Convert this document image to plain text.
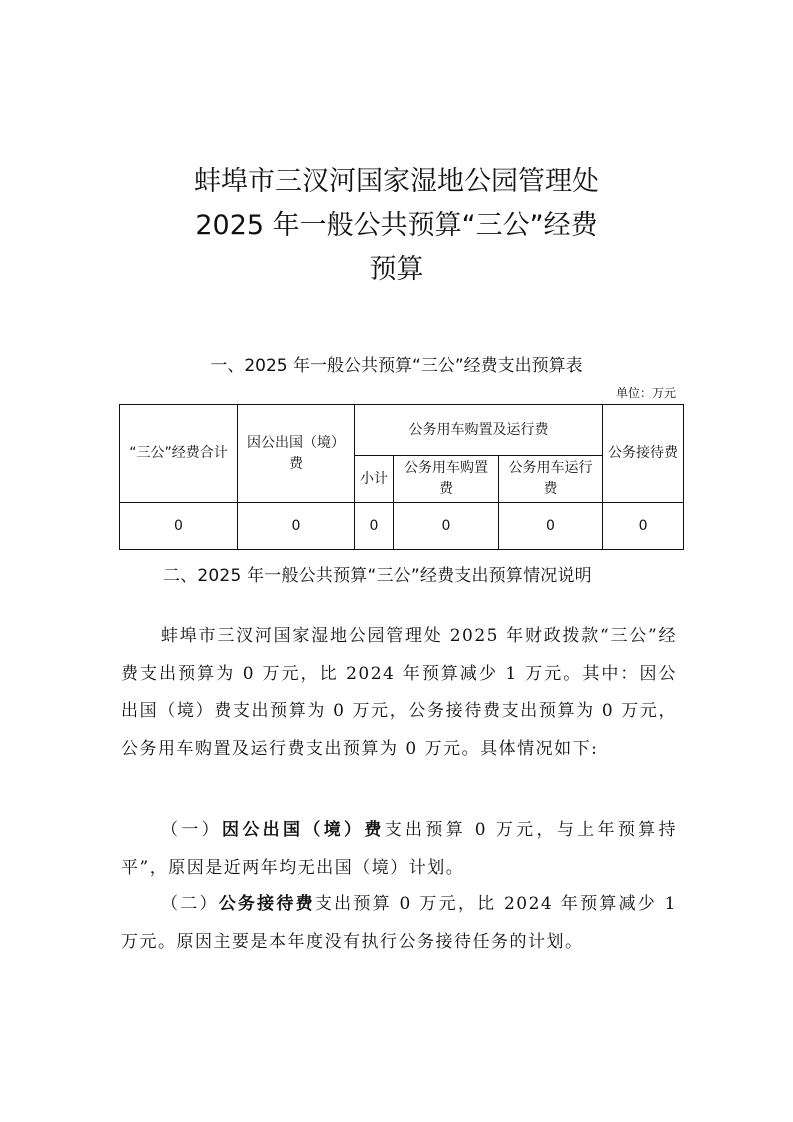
蚌埠市三汊河国家湿地公园管理处
2025 年一般公共预算“三公”经费
预算
一、2025 年一般公共预算“三公”经费支出预算表
单位：万元
“三公”经费合计	因公出国（境）费	公务用车购置及运行费			公务接待费
		小计	公务用车购置费	公务用车运行费	
0	0	0	0	0	0
二、2025 年一般公共预算“三公”经费支出预算情况说明
蚌埠市三汊河国家湿地公园管理处 2025 年财政拨款“三公”经费支出预算为 0 万元，比 2024 年预算减少 1 万元。其中：因公出国（境）费支出预算为 0 万元，公务接待费支出预算为 0 万元，公务用车购置及运行费支出预算为 0 万元。具体情况如下:
（一）因公出国（境）费支出预算 0 万元，与上年预算持平”，原因是近两年均无出国（境）计划。
（二）公务接待费支出预算 0 万元，比 2024 年预算减少 1 万元。原因主要是本年度没有执行公务接待任务的计划。
